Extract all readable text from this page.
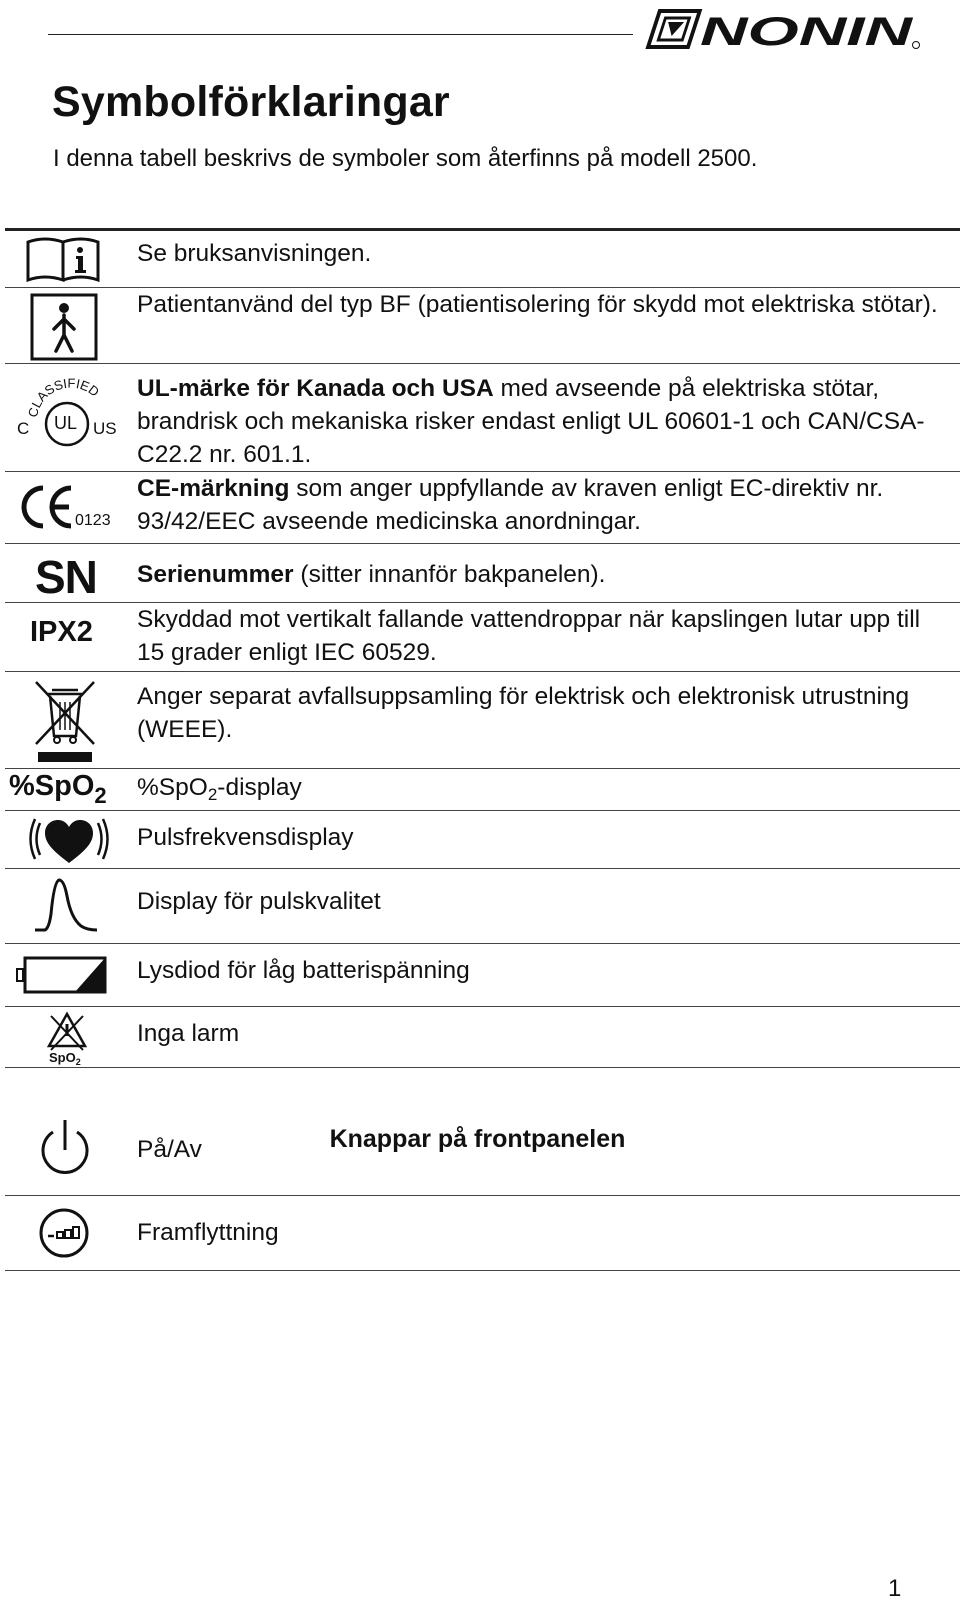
NONIN
Symbolförklaringar

I denna tabell beskrivs de symboler som återfinns på modell 2500.

Se bruksanvisningen.
Patientanvänd del typ BF (patientisolering för skydd mot elektriska stötar).
CLASSIFIED
UL
C	US
UL-märke för Kanada och USA med avseende på elektriska stötar, brandrisk och mekaniska risker endast enligt UL 60601-1 och CAN/CSA-C22.2 nr. 601.1.
0123
CE-märkning som anger uppfyllande av kraven enligt EC-direktiv nr. 93/42/EEC avseende medicinska anordningar.
SN Serienummer (sitter innanför bakpanelen).
IPX2 Skyddad mot vertikalt fallande vattendroppar när kapslingen lutar upp till 15 grader enligt IEC 60529.
Anger separat avfallsuppsamling för elektrisk och elektronisk utrustning (WEEE).
%SpO$_2$ %SpO$_2$-display
Pulsfrekvensdisplay
Display för pulskvalitet
Lysdiod för låg batterispänning
SpO$_2$
Inga larm
På/Av
Framflyttning
Knappar på frontpanelen
1
